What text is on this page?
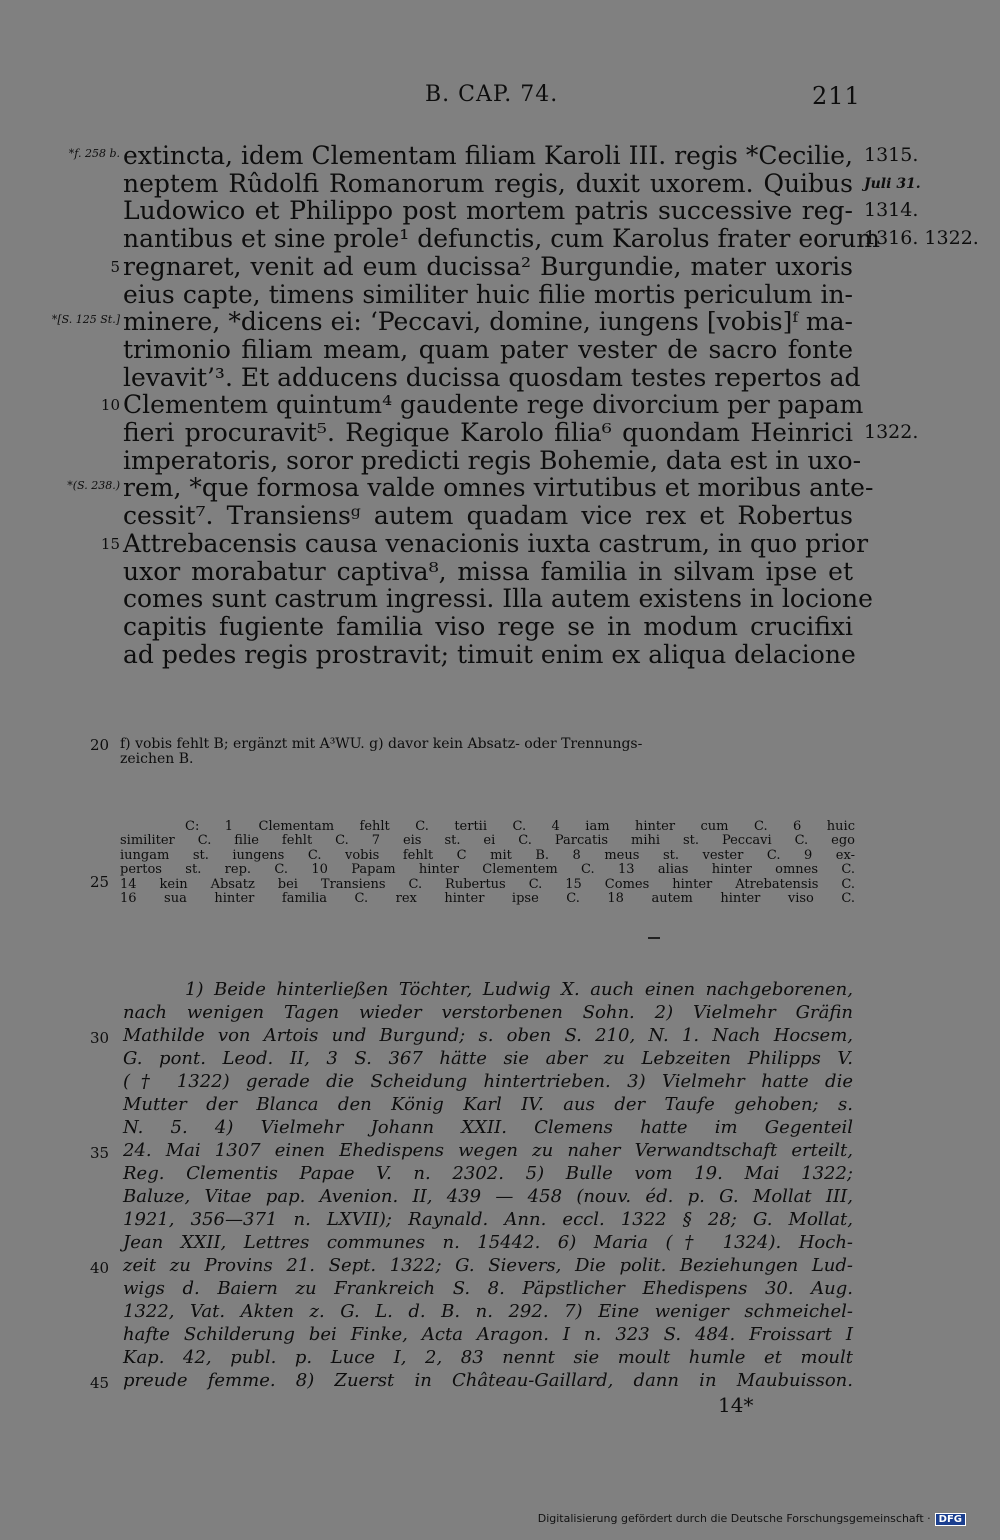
B. CAP. 74.	211
*f. 258 b. extincta, idem Clementam filiam Karoli III. regis *Cecilie, 1315.
neptem Rûdolfi Romanorum regis, duxit uxorem. Quibus Juli 31.
Ludowico et Philippo post mortem patris successive reg- 1314.
nantibus et sine prole¹ defunctis, cum Karolus frater eorum
1316. 1322.
5 regnaret, venit ad eum ducissa² Burgundie, mater uxoris
eius capte, timens similiter huic filie mortis periculum in-
*[S. 125 St.] minere, *dicens ei: ‘Peccavi, domine, iungens [vobis]ᶠ ma-
trimonio filiam meam, quam pater vester de sacro fonte
levavit’³. Et adducens ducissa quosdam testes repertos ad
10 Clementem quintum⁴ gaudente rege divorcium per papam
fieri procuravit⁵. Regique Karolo filia⁶ quondam Heinrici 1322.
imperatoris, soror predicti regis Bohemie, data est in uxo-
*(S. 238.) rem, *que formosa valde omnes virtutibus et moribus ante-
cessit⁷. Transiensᵍ autem quadam vice rex et Robertus
15 Attrebacensis causa venacionis iuxta castrum, in quo prior
uxor morabatur captiva⁸, missa familia in silvam ipse et
comes sunt castrum ingressi. Illa autem existens in locione
capitis fugiente familia viso rege se in modum crucifixi
ad pedes regis prostravit; timuit enim ex aliqua delacione
20 f) vobis fehlt B; ergänzt mit A³WU. g) davor kein Absatz- oder Trennungs-
zeichen B.
25
C: 1 Clementam fehlt C. tertii C. 4 iam hinter cum C. 6 huic
similiter C. filie fehlt C. 7 eis st. ei C. Parcatis mihi st. Peccavi C. ego
iungam st. iungens C. vobis fehlt C mit B. 8 meus st. vester C. 9 ex-
pertos st. rep. C. 10 Papam hinter Clementem C. 13 alias hinter omnes C.
14 kein Absatz bei Transiens C. Rubertus C. 15 Comes hinter Atrebatensis C.
16 sua hinter familia C. rex hinter ipse C. 18 autem hinter viso C.
1) Beide hinterließen Töchter, Ludwig X. auch einen nachgeborenen,
nach wenigen Tagen wieder verstorbenen Sohn. 2) Vielmehr Gräfin
Mathilde von Artois und Burgund; s. oben S. 210, N. 1. Nach Hocsem,
G. pont. Leod. II, 3 S. 367 hätte sie aber zu Lebzeiten Philipps V.
(† 1322) gerade die Scheidung hintertrieben. 3) Vielmehr hatte die
Mutter der Blanca den König Karl IV. aus der Taufe gehoben; s.
N. 5. 4) Vielmehr Johann XXII. Clemens hatte im Gegenteil
24. Mai 1307 einen Ehedispens wegen zu naher Verwandtschaft erteilt,
Reg. Clementis Papae V. n. 2302. 5) Bulle vom 19. Mai 1322;
Baluze, Vitae pap. Avenion. II, 439 — 458 (nouv. éd. p. G. Mollat III,
1921, 356—371 n. LXVII); Raynald. Ann. eccl. 1322 § 28; G. Mollat,
Jean XXII, Lettres communes n. 15442. 6) Maria († 1324). Hoch-
zeit zu Provins 21. Sept. 1322; G. Sievers, Die polit. Beziehungen Lud-
wigs d. Baiern zu Frankreich S. 8. Päpstlicher Ehedispens 30. Aug.
1322, Vat. Akten z. G. L. d. B. n. 292. 7) Eine weniger schmeichel-
hafte Schilderung bei Finke, Acta Aragon. I n. 323 S. 484. Froissart I
Kap. 42, publ. p. Luce I, 2, 83 nennt sie moult humle et moult
preude femme. 8) Zuerst in Château-Gaillard, dann in Maubuisson.
30
35
40
45
14*
Digitalisierung gefördert durch die Deutsche Forschungsgemeinschaft · DFG
